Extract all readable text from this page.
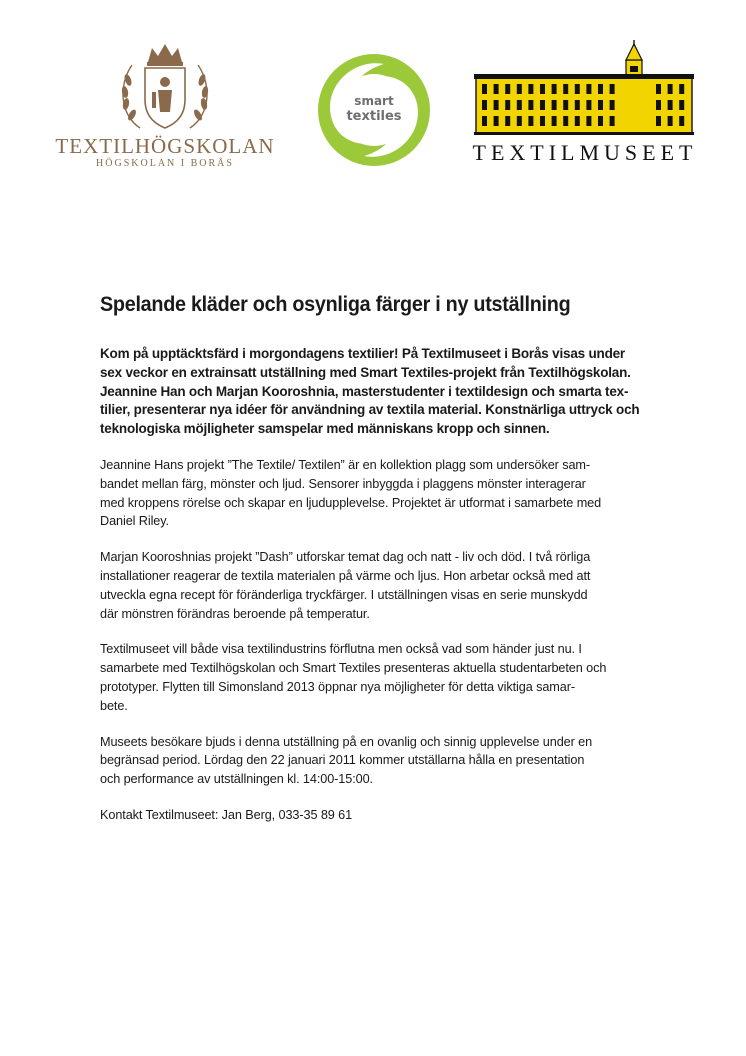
TEXTILHÖGSKOLAN
HÖGSKOLAN I BORÅS
smart
textiles
TEXTILMUSEET
Spelande kläder och osynliga färger i ny utställning

Kom på upptäcktsfärd i morgondagens textilier! På Textilmuseet i Borås visas under
sex veckor en extrainsatt utställning med Smart Textiles-projekt från Textilhögskolan.
Jeannine Han och Marjan Kooroshnia, masterstudenter i textildesign och smarta tex-
tilier, presenterar nya idéer för användning av textila material. Konstnärliga uttryck och
teknologiska möjligheter samspelar med människans kropp och sinnen.

Jeannine Hans projekt ”The Textile/ Textilen” är en kollektion plagg som undersöker sam-
bandet mellan färg, mönster och ljud. Sensorer inbyggda i plaggens mönster interagerar
med kroppens rörelse och skapar en ljudupplevelse. Projektet är utformat i samarbete med
Daniel Riley.

Marjan Kooroshnias projekt ”Dash” utforskar temat dag och natt - liv och död. I två rörliga
installationer reagerar de textila materialen på värme och ljus. Hon arbetar också med att
utveckla egna recept för föränderliga tryckfärger. I utställningen visas en serie munskydd
där mönstren förändras beroende på temperatur.

Textilmuseet vill både visa textilindustrins förflutna men också vad som händer just nu. I
samarbete med Textilhögskolan och Smart Textiles presenteras aktuella studentarbeten och
prototyper. Flytten till Simonsland 2013 öppnar nya möjligheter för detta viktiga samar-
bete.

Museets besökare bjuds i denna utställning på en ovanlig och sinnig upplevelse under en
begränsad period. Lördag den 22 januari 2011 kommer utställarna hålla en presentation
och performance av utställningen kl. 14:00-15:00.

Kontakt Textilmuseet: Jan Berg, 033-35 89 61
